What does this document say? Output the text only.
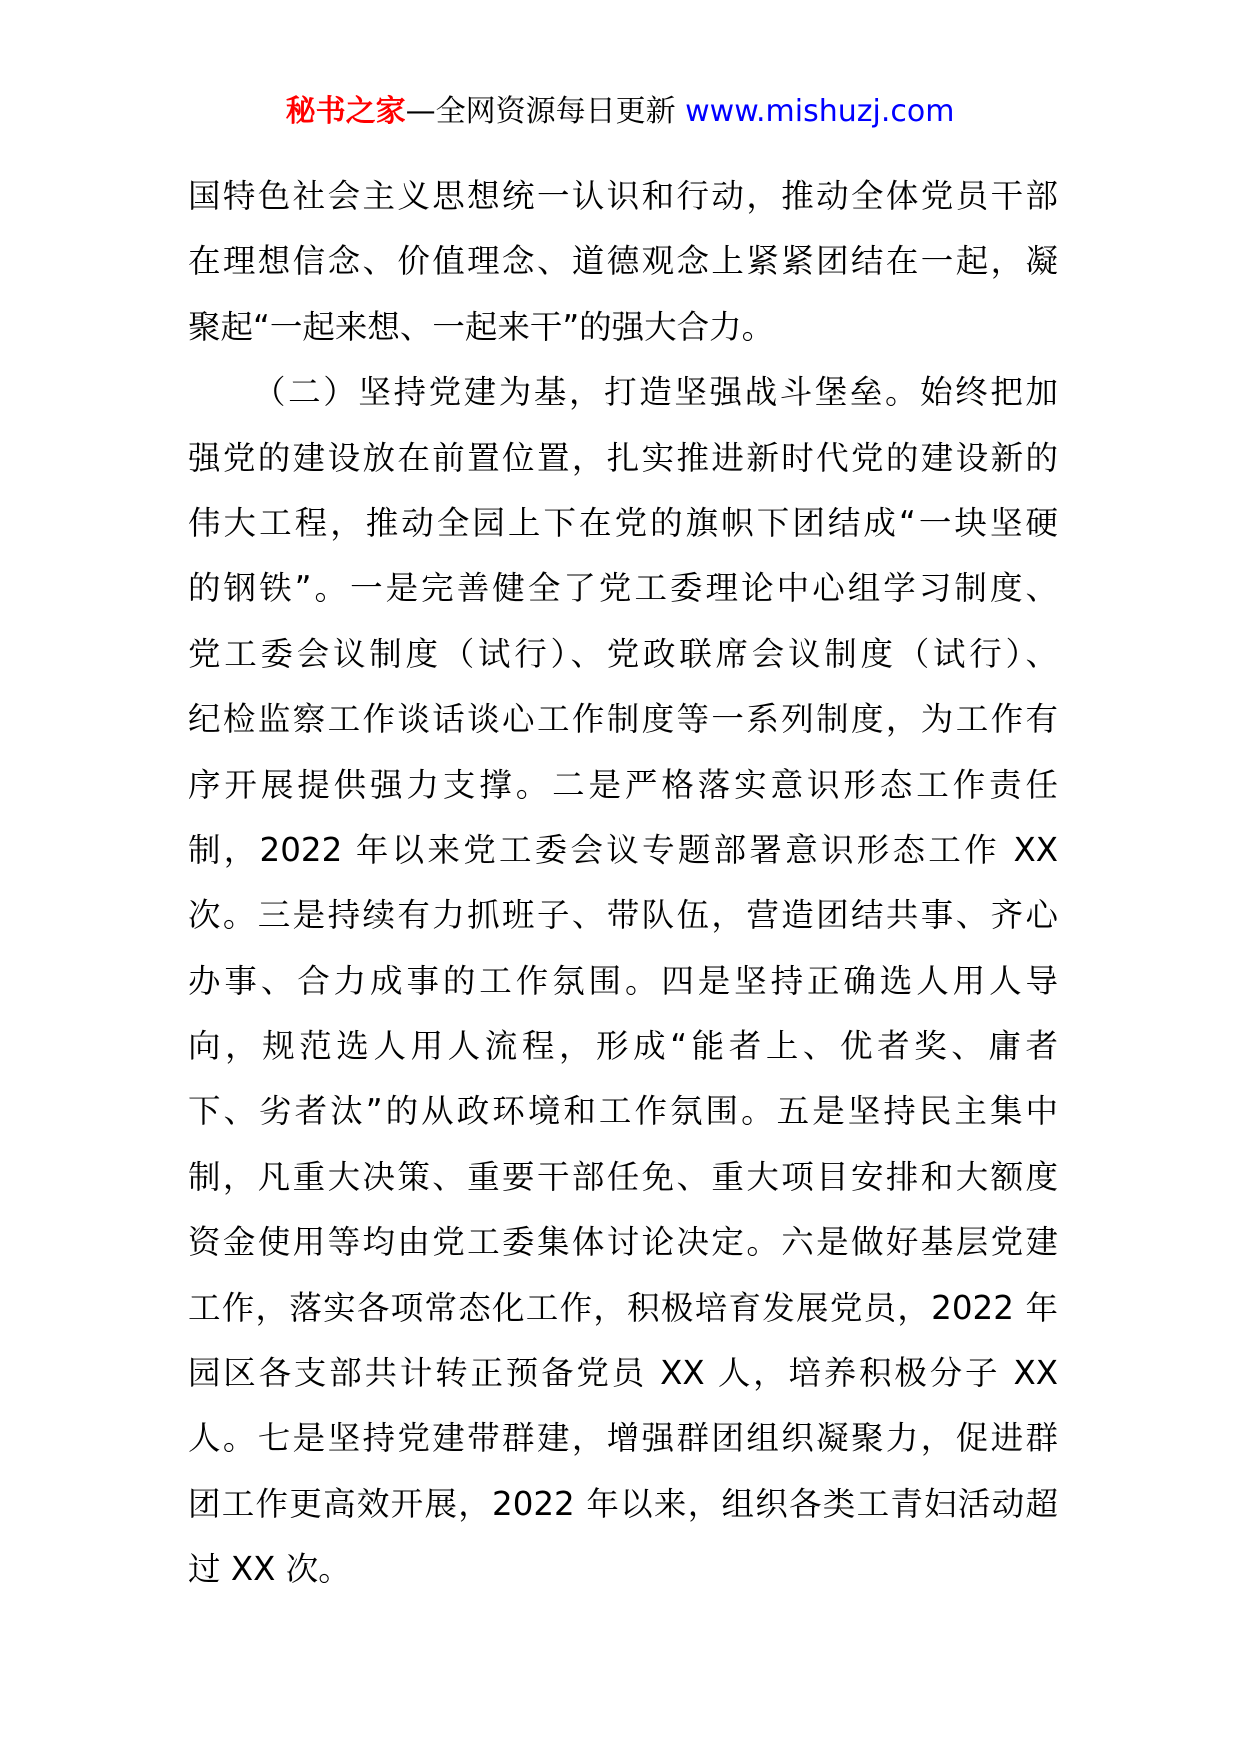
秘书之家—全网资源每日更新 www.mishuzj.com

国特色社会主义思想统一认识和行动，推动全体党员干部
在理想信念、价值理念、道德观念上紧紧团结在一起，凝
聚起“一起来想、一起来干”的强大合力。

（二）坚持党建为基，打造坚强战斗堡垒。始终把加
强党的建设放在前置位置，扎实推进新时代党的建设新的
伟大工程，推动全园上下在党的旗帜下团结成“一块坚硬
的钢铁”。一是完善健全了党工委理论中心组学习制度、
党工委会议制度（试行）、党政联席会议制度（试行）、
纪检监察工作谈话谈心工作制度等一系列制度，为工作有
序开展提供强力支撑。二是严格落实意识形态工作责任
制，2022 年以来党工委会议专题部署意识形态工作 XX
次。三是持续有力抓班子、带队伍，营造团结共事、齐心
办事、合力成事的工作氛围。四是坚持正确选人用人导
向，规范选人用人流程，形成“能者上、优者奖、庸者
下、劣者汰”的从政环境和工作氛围。五是坚持民主集中
制，凡重大决策、重要干部任免、重大项目安排和大额度
资金使用等均由党工委集体讨论决定。六是做好基层党建
工作，落实各项常态化工作，积极培育发展党员，2022 年
园区各支部共计转正预备党员 XX 人，培养积极分子 XX
人。七是坚持党建带群建，增强群团组织凝聚力，促进群
团工作更高效开展，2022 年以来，组织各类工青妇活动超
过 XX 次。
